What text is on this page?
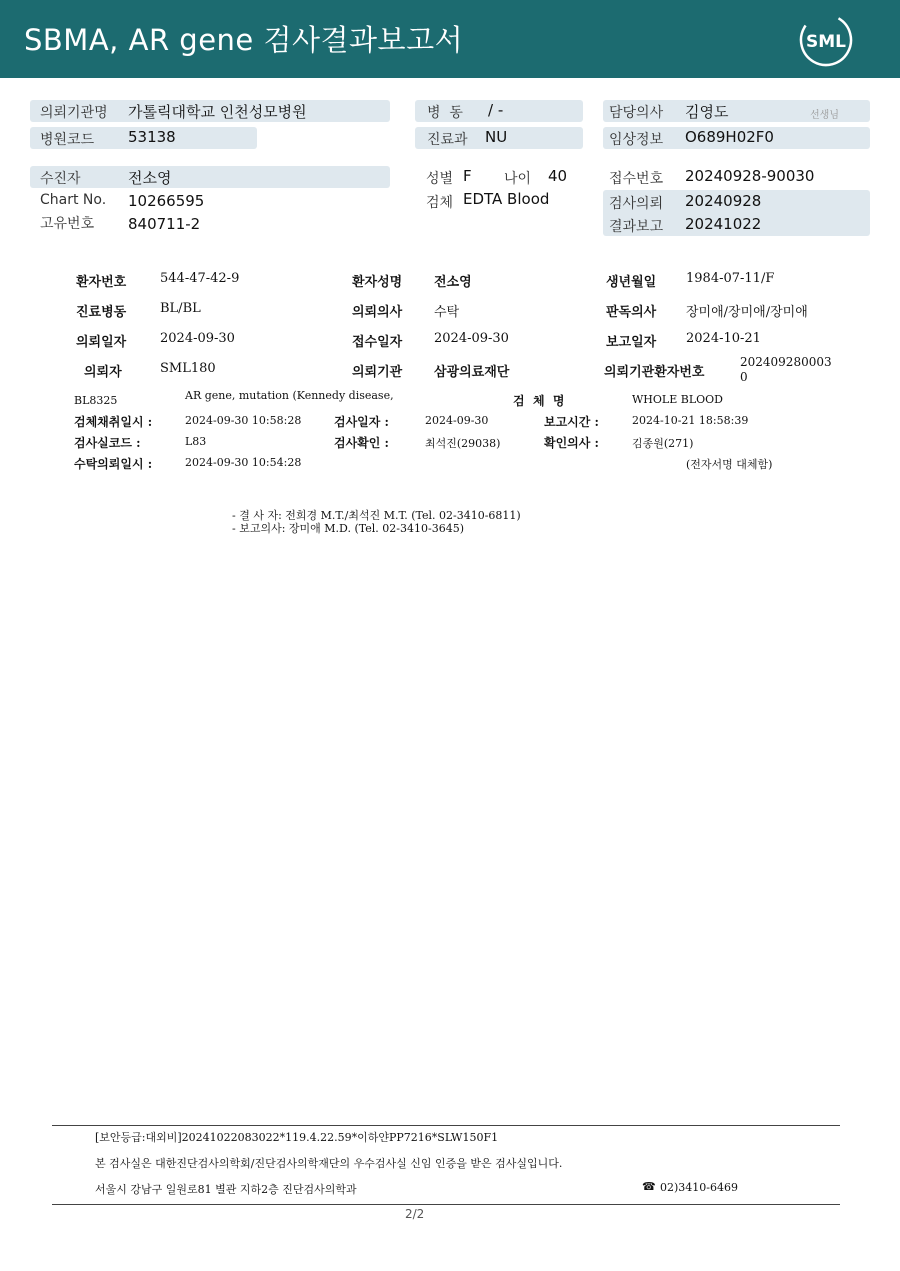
SBMA, AR gene 검사결과보고서	SML
의뢰기관명 가톨릭대학교 인천성모병원	병  동 / -	담당의사 김영도	선생님
병원코드 53138	진료과 NU	임상정보 O689H02F0
수진자	전소영	성별 F 나이 40	접수번호 20240928-90030
Chart No. 10266595	검체 EDTA Blood	검사의뢰 20240928
고유번호 840711-2	결과보고 20241022
환자번호	544-47-42-9	환자성명 전소영	생년월일 1984-07-11/F
진료병동	BL/BL	의뢰의사 수탁	판독의사 장미애/장미애/장미애
의뢰일자	2024-09-30	접수일자 2024-09-30	보고일자 2024-10-21
의뢰자	SML180	의뢰기관 삼광의료재단	의뢰기관환자번호
202409280003
0
BL8325	AR gene, mutation (Kennedy disease,	검  체  명	WHOLE BLOOD
검체채취일시 :	2024-09-30 10:58:28	검사일자 :	2024-09-30	보고시간 :	2024-10-21 18:58:39
검사실코드 :	L83	검사확인 :	최석진(29038)	확인의사 :	김종원(271)
수탁의뢰일시 :	2024-09-30 10:54:28	(전자서명 대체함)
- 결 사 자: 전희경 M.T./최석진 M.T. (Tel. 02-3410-6811)
- 보고의사: 장미애 M.D. (Tel. 02-3410-3645)
[보안등급:대외비]20241022083022*119.4.22.59*이하얀PP7216*SLW150F1
본 검사실은 대한진단검사의학회/진단검사의학재단의 우수검사실 신임 인증을 받은 검사실입니다.
서울시 강남구 일원로81 별관 지하2층 진단검사의학과	☎ 02)3410-6469
2/2
